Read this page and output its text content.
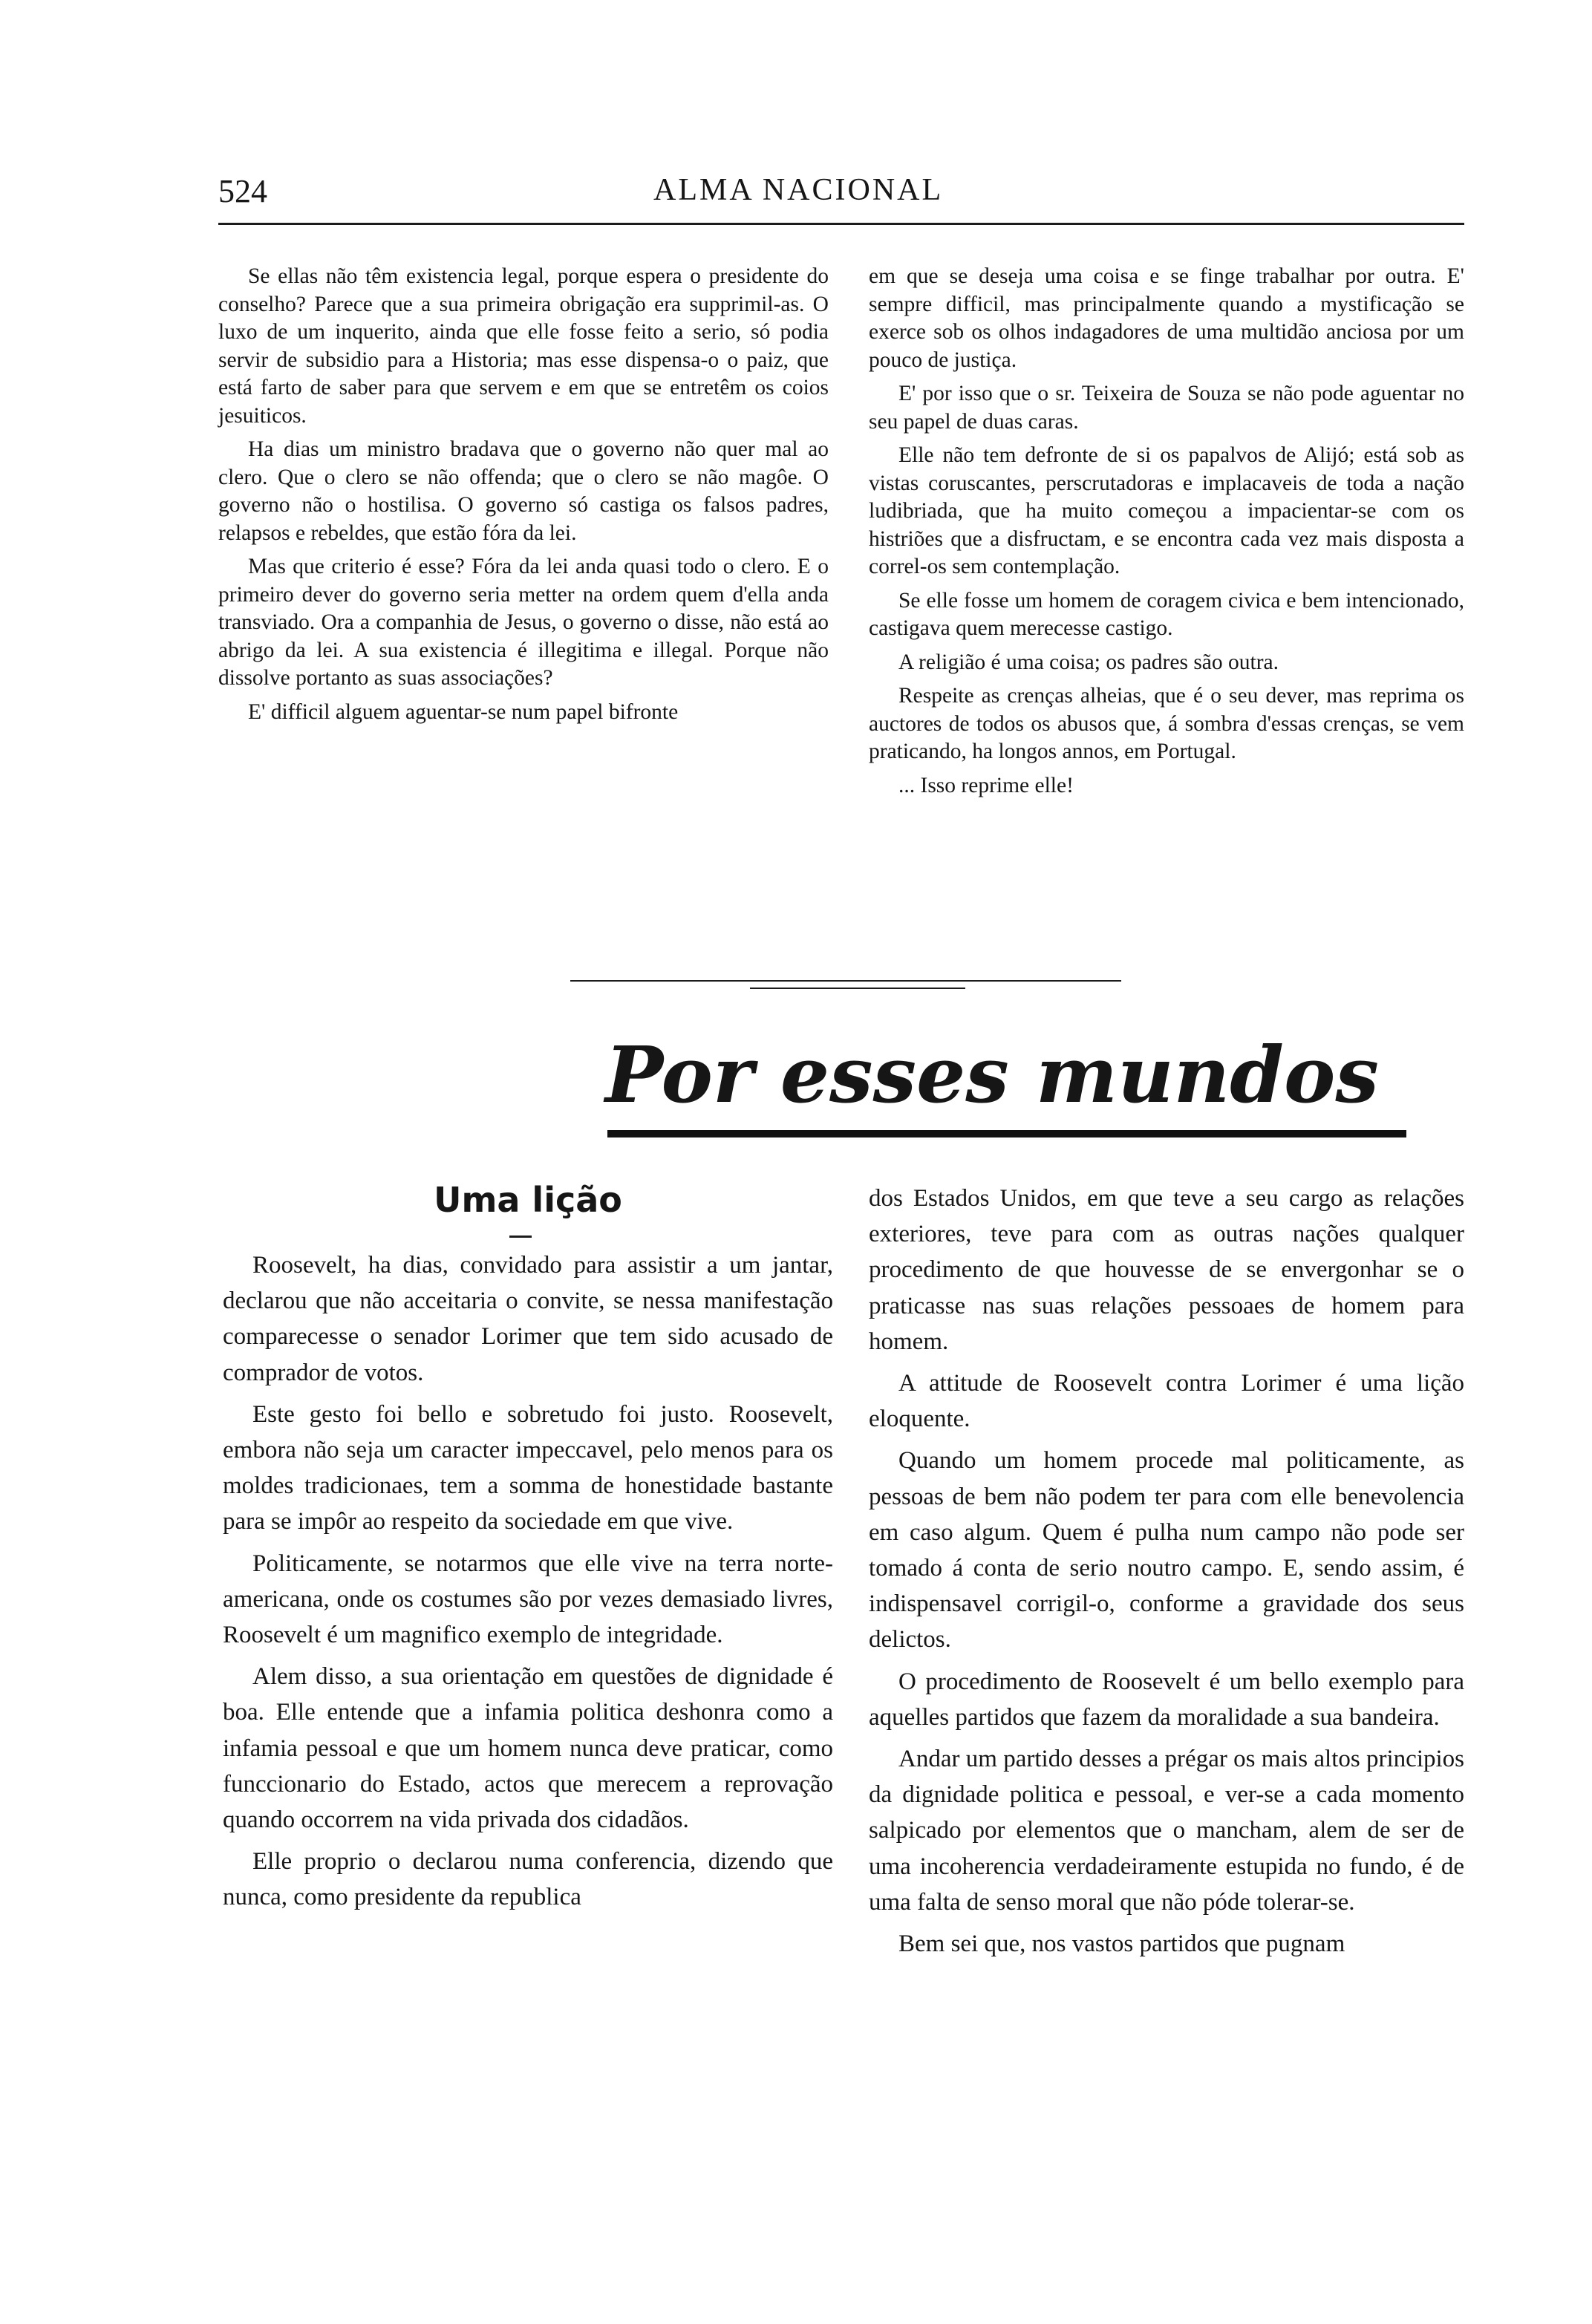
524	ALMA NACIONAL

Se ellas não têm existencia legal, porque espera o presidente do conselho? Parece que a sua primeira obrigação era supprimil-as. O luxo de um inquerito, ainda que elle fosse feito a serio, só podia servir de subsidio para a Historia; mas esse dispensa-o o paiz, que está farto de saber para que servem e em que se entretêm os coios jesuiticos.

Ha dias um ministro bradava que o governo não quer mal ao clero. Que o clero se não offenda; que o clero se não magôe. O governo não o hostilisa. O governo só castiga os falsos padres, relapsos e rebeldes, que estão fóra da lei.

Mas que criterio é esse? Fóra da lei anda quasi todo o clero. E o primeiro dever do governo seria metter na ordem quem d'ella anda transviado. Ora a companhia de Jesus, o governo o disse, não está ao abrigo da lei. A sua existencia é illegitima e illegal. Porque não dissolve portanto as suas associações?

E' difficil alguem aguentar-se num papel bifronte

em que se deseja uma coisa e se finge trabalhar por outra. E' sempre difficil, mas principalmente quando a mystificação se exerce sob os olhos indagadores de uma multidão anciosa por um pouco de justiça.

E' por isso que o sr. Teixeira de Souza se não pode aguentar no seu papel de duas caras.

Elle não tem defronte de si os papalvos de Alijó; está sob as vistas coruscantes, perscrutadoras e implacaveis de toda a nação ludibriada, que ha muito começou a impacientar-se com os histriões que a disfructam, e se encontra cada vez mais disposta a correl-os sem contemplação.

Se elle fosse um homem de coragem civica e bem intencionado, castigava quem merecesse castigo.

A religião é uma coisa; os padres são outra.

Respeite as crenças alheias, que é o seu dever, mas reprima os auctores de todos os abusos que, á sombra d'essas crenças, se vem praticando, ha longos annos, em Portugal.

... Isso reprime elle!

Por esses mundos
Uma lição

Roosevelt, ha dias, convidado para assistir a um jantar, declarou que não acceitaria o convite, se nessa manifestação comparecesse o senador Lorimer que tem sido acusado de comprador de votos.

Este gesto foi bello e sobretudo foi justo. Roosevelt, embora não seja um caracter impeccavel, pelo menos para os moldes tradicionaes, tem a somma de honestidade bastante para se impôr ao respeito da sociedade em que vive.

Politicamente, se notarmos que elle vive na terra norte-americana, onde os costumes são por vezes demasiado livres, Roosevelt é um magnifico exemplo de integridade.

Alem disso, a sua orientação em questões de dignidade é boa. Elle entende que a infamia politica deshonra como a infamia pessoal e que um homem nunca deve praticar, como funccionario do Estado, actos que merecem a reprovação quando occorrem na vida privada dos cidadãos.

Elle proprio o declarou numa conferencia, dizendo que nunca, como presidente da republica

dos Estados Unidos, em que teve a seu cargo as relações exteriores, teve para com as outras nações qualquer procedimento de que houvesse de se envergonhar se o praticasse nas suas relações pessoaes de homem para homem.

A attitude de Roosevelt contra Lorimer é uma lição eloquente.

Quando um homem procede mal politicamente, as pessoas de bem não podem ter para com elle benevolencia em caso algum. Quem é pulha num campo não pode ser tomado á conta de serio noutro campo. E, sendo assim, é indispensavel corrigil-o, conforme a gravidade dos seus delictos.

O procedimento de Roosevelt é um bello exemplo para aquelles partidos que fazem da moralidade a sua bandeira.

Andar um partido desses a prégar os mais altos principios da dignidade politica e pessoal, e ver-se a cada momento salpicado por elementos que o mancham, alem de ser de uma incoherencia verdadeiramente estupida no fundo, é de uma falta de senso moral que não póde tolerar-se.

Bem sei que, nos vastos partidos que pugnam
